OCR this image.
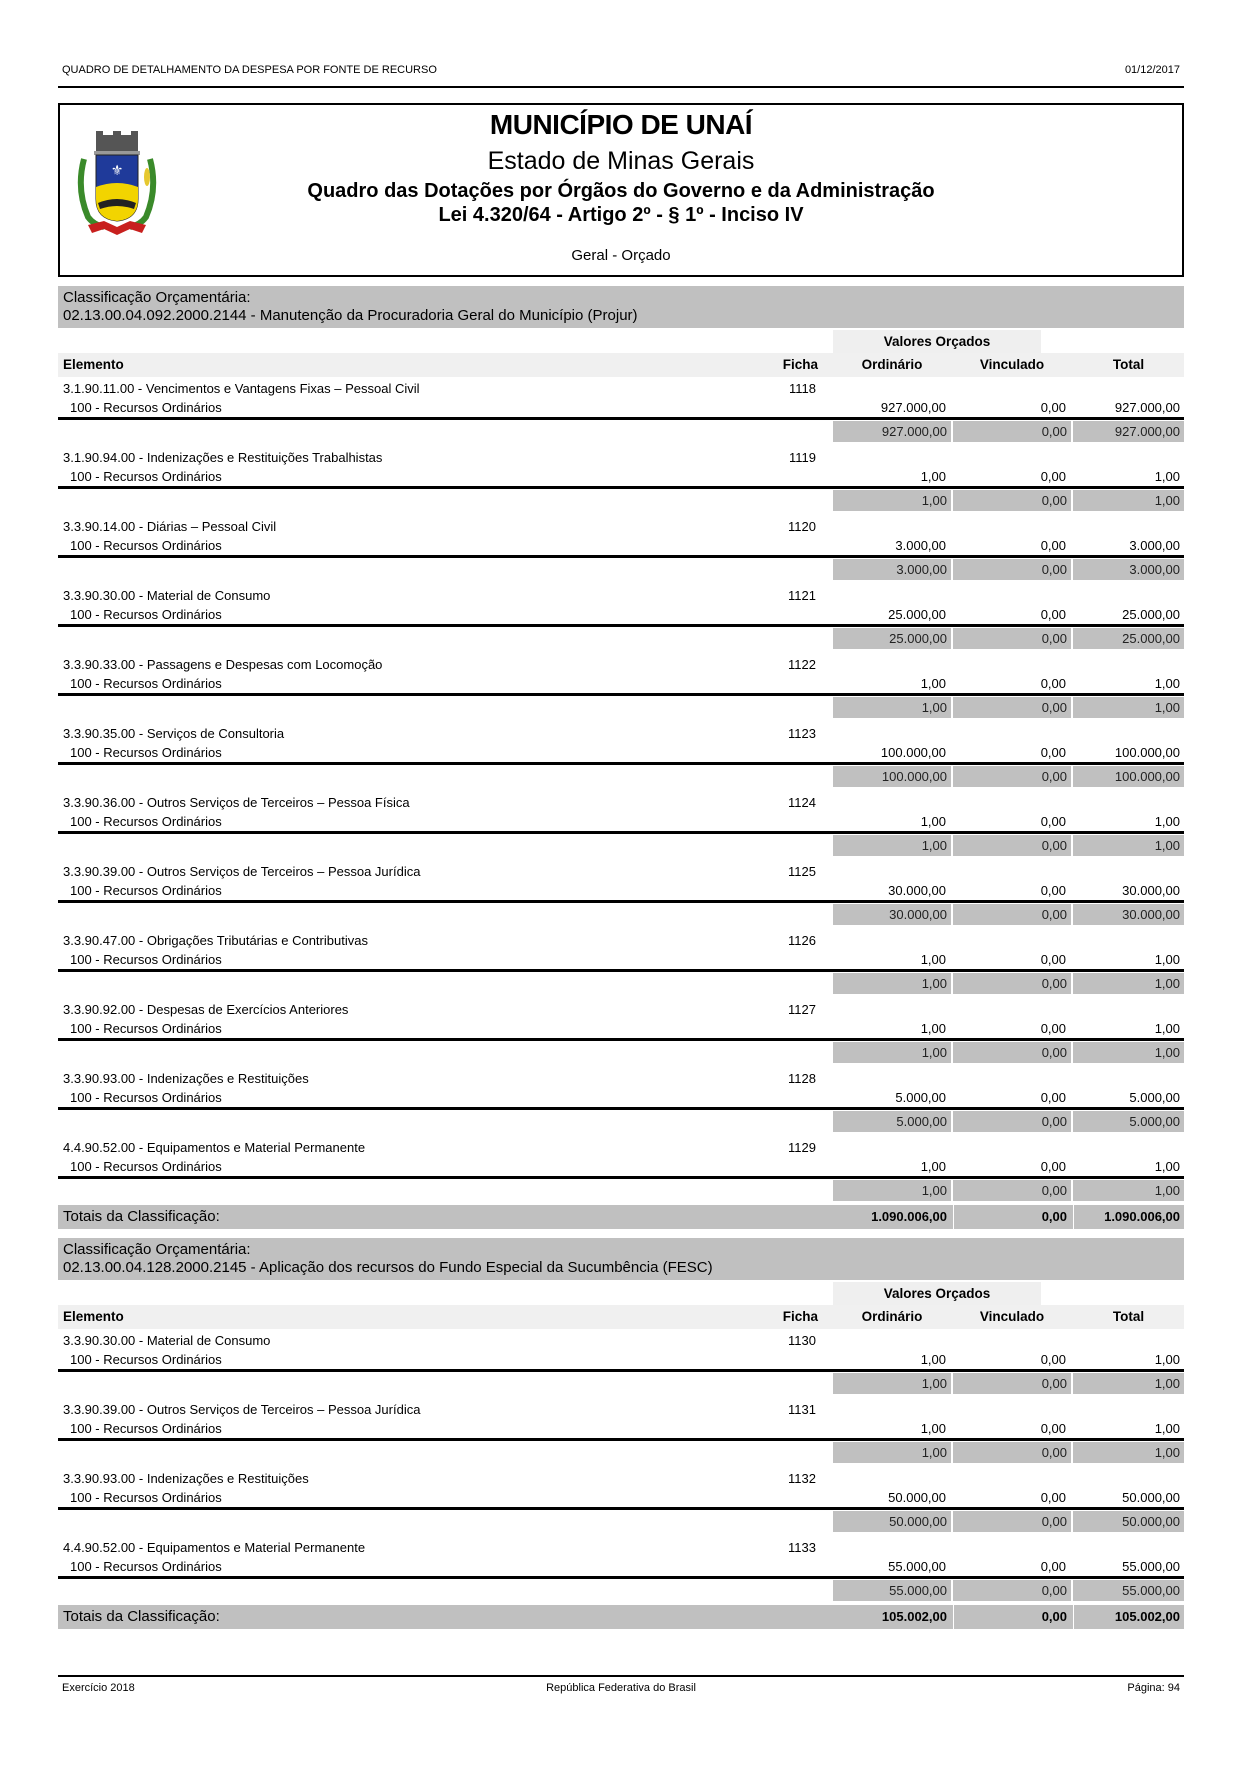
QUADRO DE DETALHAMENTO DA DESPESA POR FONTE DE RECURSO	01/12/2017
⚜
MUNICÍPIO DE UNAÍ
Estado de Minas Gerais
Quadro das Dotações por Órgãos do Governo e da Administração
Lei 4.320/64 - Artigo 2º - § 1º - Inciso IV
Geral - Orçado
Classificação Orçamentária:
02.13.00.04.092.2000.2144 - Manutenção da Procuradoria Geral do Município (Projur)
Valores Orçados
Elemento	Ficha	Ordinário	Vinculado	Total
3.1.90.11.00 - Vencimentos e Vantagens Fixas – Pessoal Civil	1118
100 - Recursos Ordinários	927.000,00	0,00	927.000,00
927.000,00	0,00	927.000,00
3.1.90.94.00 - Indenizações e Restituições Trabalhistas	1119
100 - Recursos Ordinários	1,00	0,00	1,00
1,00	0,00	1,00
3.3.90.14.00 - Diárias – Pessoal Civil	1120
100 - Recursos Ordinários	3.000,00	0,00	3.000,00
3.000,00	0,00	3.000,00
3.3.90.30.00 - Material de Consumo	1121
100 - Recursos Ordinários	25.000,00	0,00	25.000,00
25.000,00	0,00	25.000,00
3.3.90.33.00 - Passagens e Despesas com Locomoção	1122
100 - Recursos Ordinários	1,00	0,00	1,00
1,00	0,00	1,00
3.3.90.35.00 - Serviços de Consultoria	1123
100 - Recursos Ordinários	100.000,00	0,00	100.000,00
100.000,00	0,00	100.000,00
3.3.90.36.00 - Outros Serviços de Terceiros – Pessoa Física	1124
100 - Recursos Ordinários	1,00	0,00	1,00
1,00	0,00	1,00
3.3.90.39.00 - Outros Serviços de Terceiros – Pessoa Jurídica	1125
100 - Recursos Ordinários	30.000,00	0,00	30.000,00
30.000,00	0,00	30.000,00
3.3.90.47.00 - Obrigações Tributárias e Contributivas	1126
100 - Recursos Ordinários	1,00	0,00	1,00
1,00	0,00	1,00
3.3.90.92.00 - Despesas de Exercícios Anteriores	1127
100 - Recursos Ordinários	1,00	0,00	1,00
1,00	0,00	1,00
3.3.90.93.00 - Indenizações e Restituições	1128
100 - Recursos Ordinários	5.000,00	0,00	5.000,00
5.000,00	0,00	5.000,00
4.4.90.52.00 - Equipamentos e Material Permanente	1129
100 - Recursos Ordinários	1,00	0,00	1,00
1,00	0,00	1,00
Totais da Classificação:	1.090.006,00	0,00	1.090.006,00
Classificação Orçamentária:
02.13.00.04.128.2000.2145 - Aplicação dos recursos do Fundo Especial da Sucumbência (FESC)
Valores Orçados
Elemento	Ficha	Ordinário	Vinculado	Total
3.3.90.30.00 - Material de Consumo	1130
100 - Recursos Ordinários	1,00	0,00	1,00
1,00	0,00	1,00
3.3.90.39.00 - Outros Serviços de Terceiros – Pessoa Jurídica	1131
100 - Recursos Ordinários	1,00	0,00	1,00
1,00	0,00	1,00
3.3.90.93.00 - Indenizações e Restituições	1132
100 - Recursos Ordinários	50.000,00	0,00	50.000,00
50.000,00	0,00	50.000,00
4.4.90.52.00 - Equipamentos e Material Permanente	1133
100 - Recursos Ordinários	55.000,00	0,00	55.000,00
55.000,00	0,00	55.000,00
Totais da Classificação:	105.002,00	0,00	105.002,00
Exercício 2018	República Federativa do Brasil	Página: 94
